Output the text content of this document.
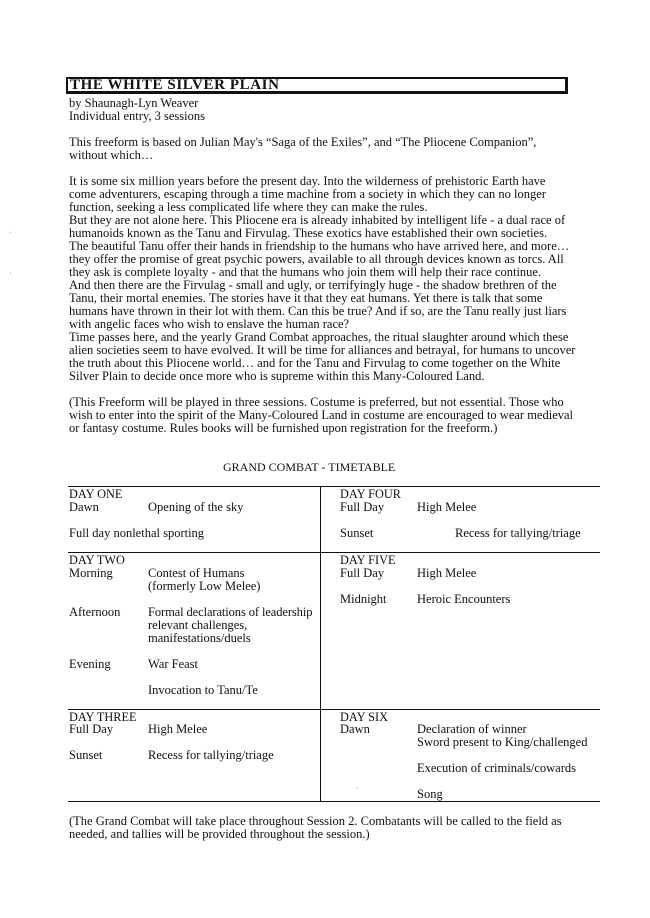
THE WHITE SILVER PLAIN
by Shaunagh-Lyn Weaver
Individual entry, 3 sessions
This freeform is based on Julian May's “Saga of the Exiles”, and “The Pliocene Companion”,
without which…
It is some six million years before the present day. Into the wilderness of prehistoric Earth have
come adventurers, escaping through a time machine from a society in which they can no longer
function, seeking a less complicated life where they can make the rules.
But they are not alone here. This Pliocene era is already inhabited by intelligent life - a dual race of
humanoids known as the Tanu and Firvulag. These exotics have established their own societies.
The beautiful Tanu offer their hands in friendship to the humans who have arrived here, and more…
they offer the promise of great psychic powers, available to all through devices known as torcs. All
they ask is complete loyalty - and that the humans who join them will help their race continue.
And then there are the Firvulag - small and ugly, or terrifyingly huge - the shadow brethren of the
Tanu, their mortal enemies. The stories have it that they eat humans. Yet there is talk that some
humans have thrown in their lot with them. Can this be true? And if so, are the Tanu really just liars
with angelic faces who wish to enslave the human race?
Time passes here, and the yearly Grand Combat approaches, the ritual slaughter around which these
alien societies seem to have evolved. It will be time for alliances and betrayal, for humans to uncover
the truth about this Pliocene world… and for the Tanu and Firvulag to come together on the White
Silver Plain to decide once more who is supreme within this Many-Coloured Land.
(This Freeform will be played in three sessions. Costume is preferred, but not essential. Those who
wish to enter into the spirit of the Many-Coloured Land in costume are encouraged to wear medieval
or fantasy costume. Rules books will be furnished upon registration for the freeform.)
ˌ
ˌ
ˌ
GRAND COMBAT - TIMETABLE
DAY ONE
Dawn	Opening of the sky
Full day nonlethal sporting
DAY FOUR
Full Day	High Melee
Sunset	Recess for tallying/triage
DAY TWO
Morning	Contest of Humans
(formerly Low Melee)
Afternoon Formal declarations of leadership
relevant challenges,
manifestations/duels
Evening	War Feast
Invocation to Tanu/Te
DAY FIVE
Full Day	High Melee
Midnight Heroic Encounters
DAY THREE
Full Day	High Melee
Sunset	Recess for tallying/triage
DAY SIX
Dawn	Declaration of winner
Sword present to King/challenged
Execution of criminals/cowards
Song
(The Grand Combat will take place throughout Session 2. Combatants will be called to the field as
needed, and tallies will be provided throughout the session.)
